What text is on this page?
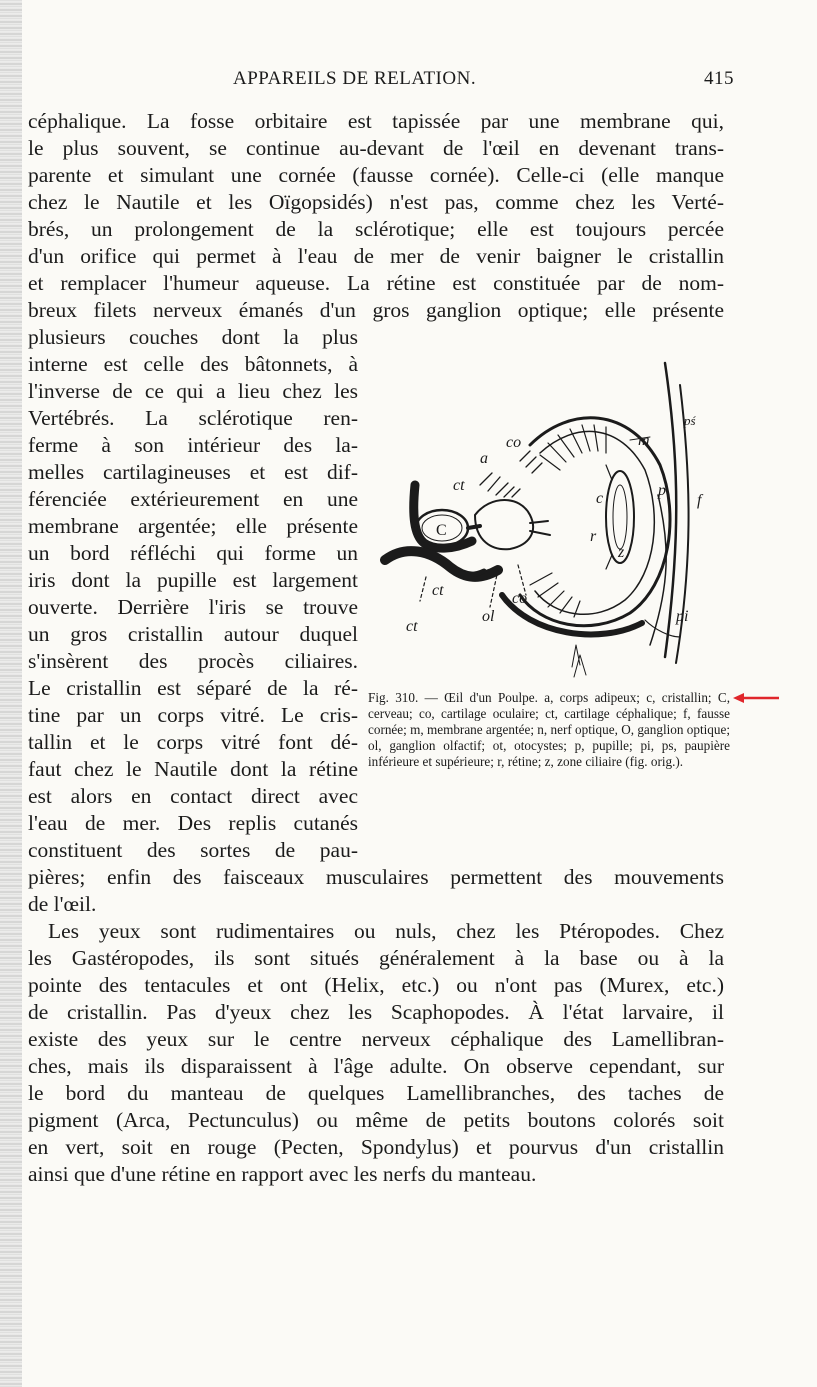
APPAREILS DE RELATION.	415
céphalique. La fosse orbitaire est tapissée par une membrane qui,
le plus souvent, se continue au-devant de l'œil en devenant trans-
parente et simulant une cornée (fausse cornée). Celle-ci (elle manque
chez le Nautile et les Oïgopsidés) n'est pas, comme chez les Verté-
brés, un prolongement de la sclérotique; elle est toujours percée
d'un orifice qui permet à l'eau de mer de venir baigner le cristallin
et remplacer l'humeur aqueuse. La rétine est constituée par de nom-
breux filets nerveux émanés d'un gros ganglion optique; elle présente
plusieurs couches dont la plus
interne est celle des bâtonnets, à
l'inverse de ce qui a lieu chez les
Vertébrés. La sclérotique ren-
ferme à son intérieur des la-
melles cartilagineuses et est dif-
férenciée extérieurement en une
membrane argentée; elle présente
un bord réfléchi qui forme un
iris dont la pupille est largement
ouverte. Derrière l'iris se trouve
un gros cristallin autour duquel
s'insèrent des procès ciliaires.
Le cristallin est séparé de la ré-
tine par un corps vitré. Le cris-
tallin et le corps vitré font dé-
faut chez le Nautile dont la rétine
est alors en contact direct avec
l'eau de mer. Des replis cutanés
constituent des sortes de pau-
pières; enfin des faisceaux musculaires permettent des mouvements
de l'œil.
Les yeux sont rudimentaires ou nuls, chez les Ptéropodes. Chez
les Gastéropodes, ils sont situés généralement à la base ou à la
pointe des tentacules et ont (Helix, etc.) ou n'ont pas (Murex, etc.)
de cristallin. Pas d'yeux chez les Scaphopodes. À l'état larvaire, il
existe des yeux sur le centre nerveux céphalique des Lamellibran-
ches, mais ils disparaissent à l'âge adulte. On observe cependant, sur
le bord du manteau de quelques Lamellibranches, des taches de
pigment (Arca, Pectunculus) ou même de petits boutons colorés soit
en vert, soit en rouge (Pecten, Spondylus) et pourvus d'un cristallin
ainsi que d'une rétine en rapport avec les nerfs du manteau.
co
a
m
pś
ct
c	p
f
C	r
z
ct	co
ol
ct
pi
Fig. 310. — Œil d'un Poulpe. a, corps adipeux; c, cristallin; C, cerveau; co, cartilage oculaire; ct, cartilage céphalique; f, fausse cornée; m, membrane argentée; n, nerf optique, O, ganglion optique; ol, ganglion olfactif; ot, otocystes; p, pupille; pi, ps, paupière inférieure et supérieure; r, rétine; z, zone ciliaire (fig. orig.).
